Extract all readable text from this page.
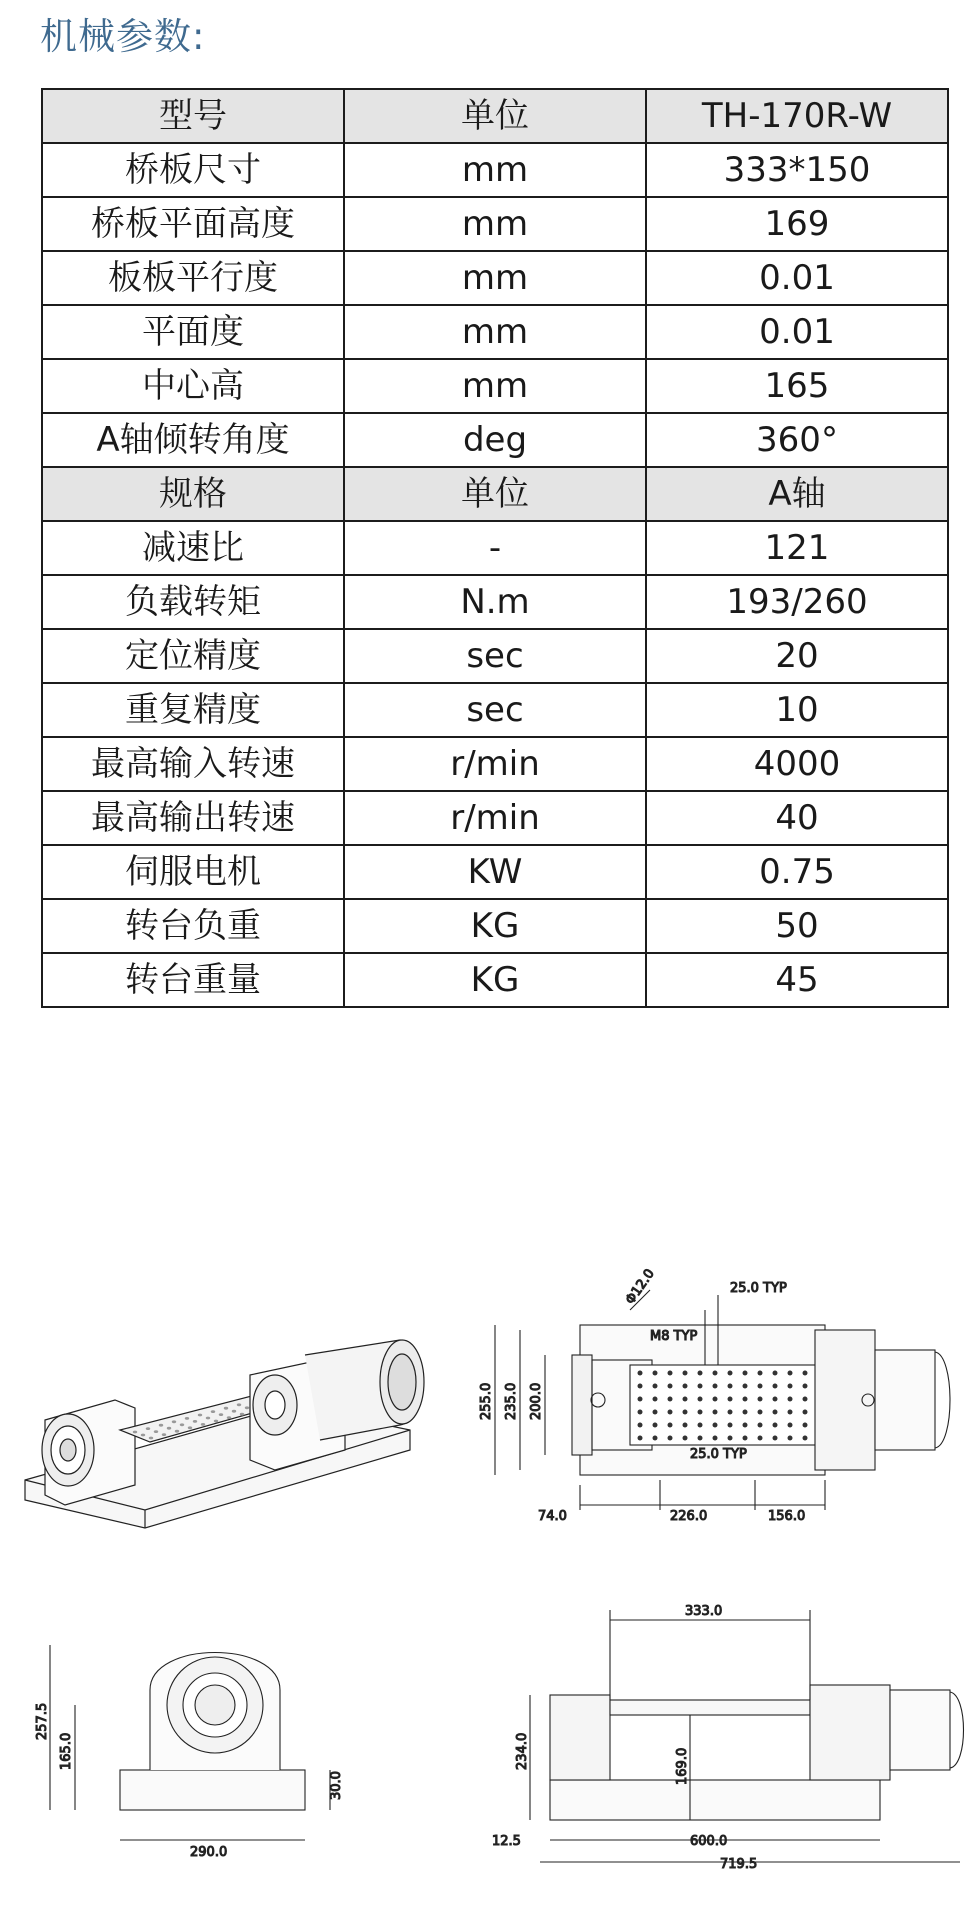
机械参数:
型号	单位	TH-170R-W
桥板尺寸	mm	333*150
桥板平面高度	mm	169
板板平行度	mm	0.01
平面度	mm	0.01
中心高	mm	165
A轴倾转角度	deg	360°
规格	单位	A轴
减速比	-	121
负载转矩	N.m	193/260
定位精度	sec	20
重复精度	sec	10
最高输入转速	r/min	4000
最高输出转速	r/min	40
伺服电机	KW	0.75
转台负重	KG	50
转台重量	KG	45
Φ12.0	25.0 TYP
M8 TYP
25.0 TYP
255.0 235.0 200.0
74.0	226.0	156.0
257.5
165.0
30.0
290.0
333.0
234.0	169.0
12.5	600.0
719.5
